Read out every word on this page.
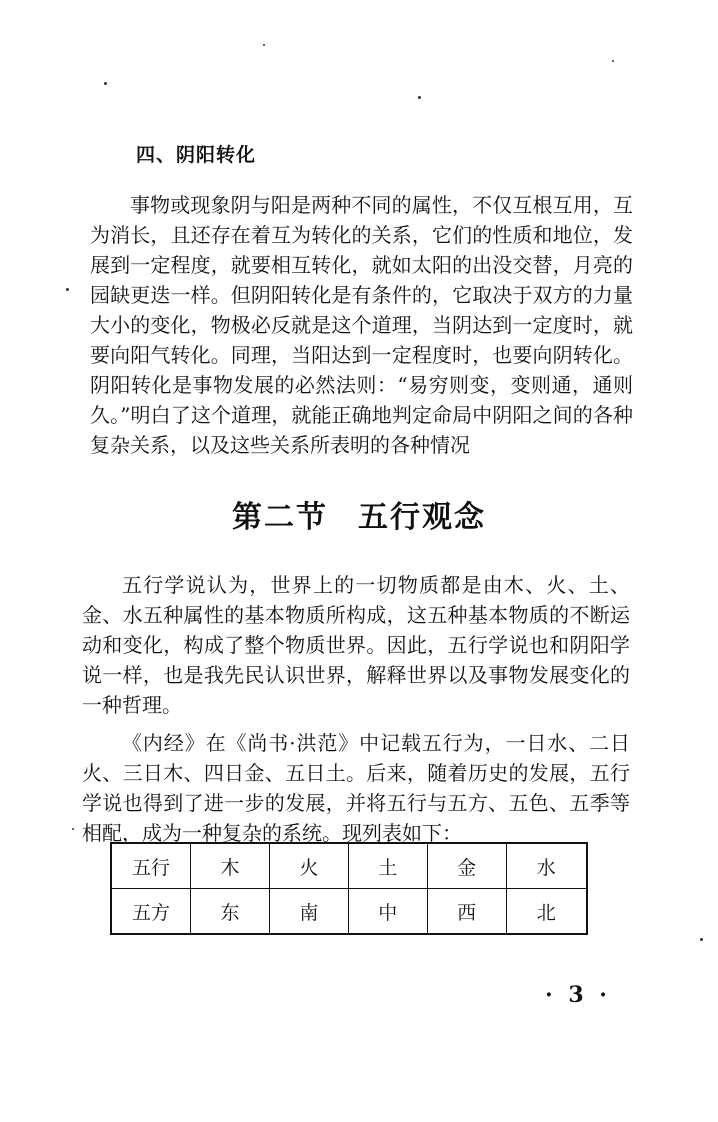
四、阴阳转化

事物或现象阴与阳是两种不同的属性，不仅互根互用，互为消长，且还存在着互为转化的关系，它们的性质和地位，发展到一定程度，就要相互转化，就如太阳的出没交替，月亮的园缺更迭一样。但阴阳转化是有条件的，它取决于双方的力量大小的变化，物极必反就是这个道理，当阴达到一定度时，就要向阳气转化。同理，当阳达到一定程度时，也要向阴转化。阴阳转化是事物发展的必然法则：“易穷则变，变则通，通则久。”明白了这个道理，就能正确地判定命局中阴阳之间的各种复杂关系，以及这些关系所表明的各种情况

第二节 五行观念

五行学说认为，世界上的一切物质都是由木、火、土、金、水五种属性的基本物质所构成，这五种基本物质的不断运动和变化，构成了整个物质世界。因此，五行学说也和阴阳学说一样，也是我先民认识世界，解释世界以及事物发展变化的一种哲理。

《内经》在《尚书·洪范》中记载五行为，一日水、二日火、三日木、四日金、五日土。后来，随着历史的发展，五行学说也得到了进一步的发展，并将五行与五方、五色、五季等相配，成为一种复杂的系统。现列表如下：

五行	木	火	土	金	水
五方	东	南	中	西	北
· 3 ·
